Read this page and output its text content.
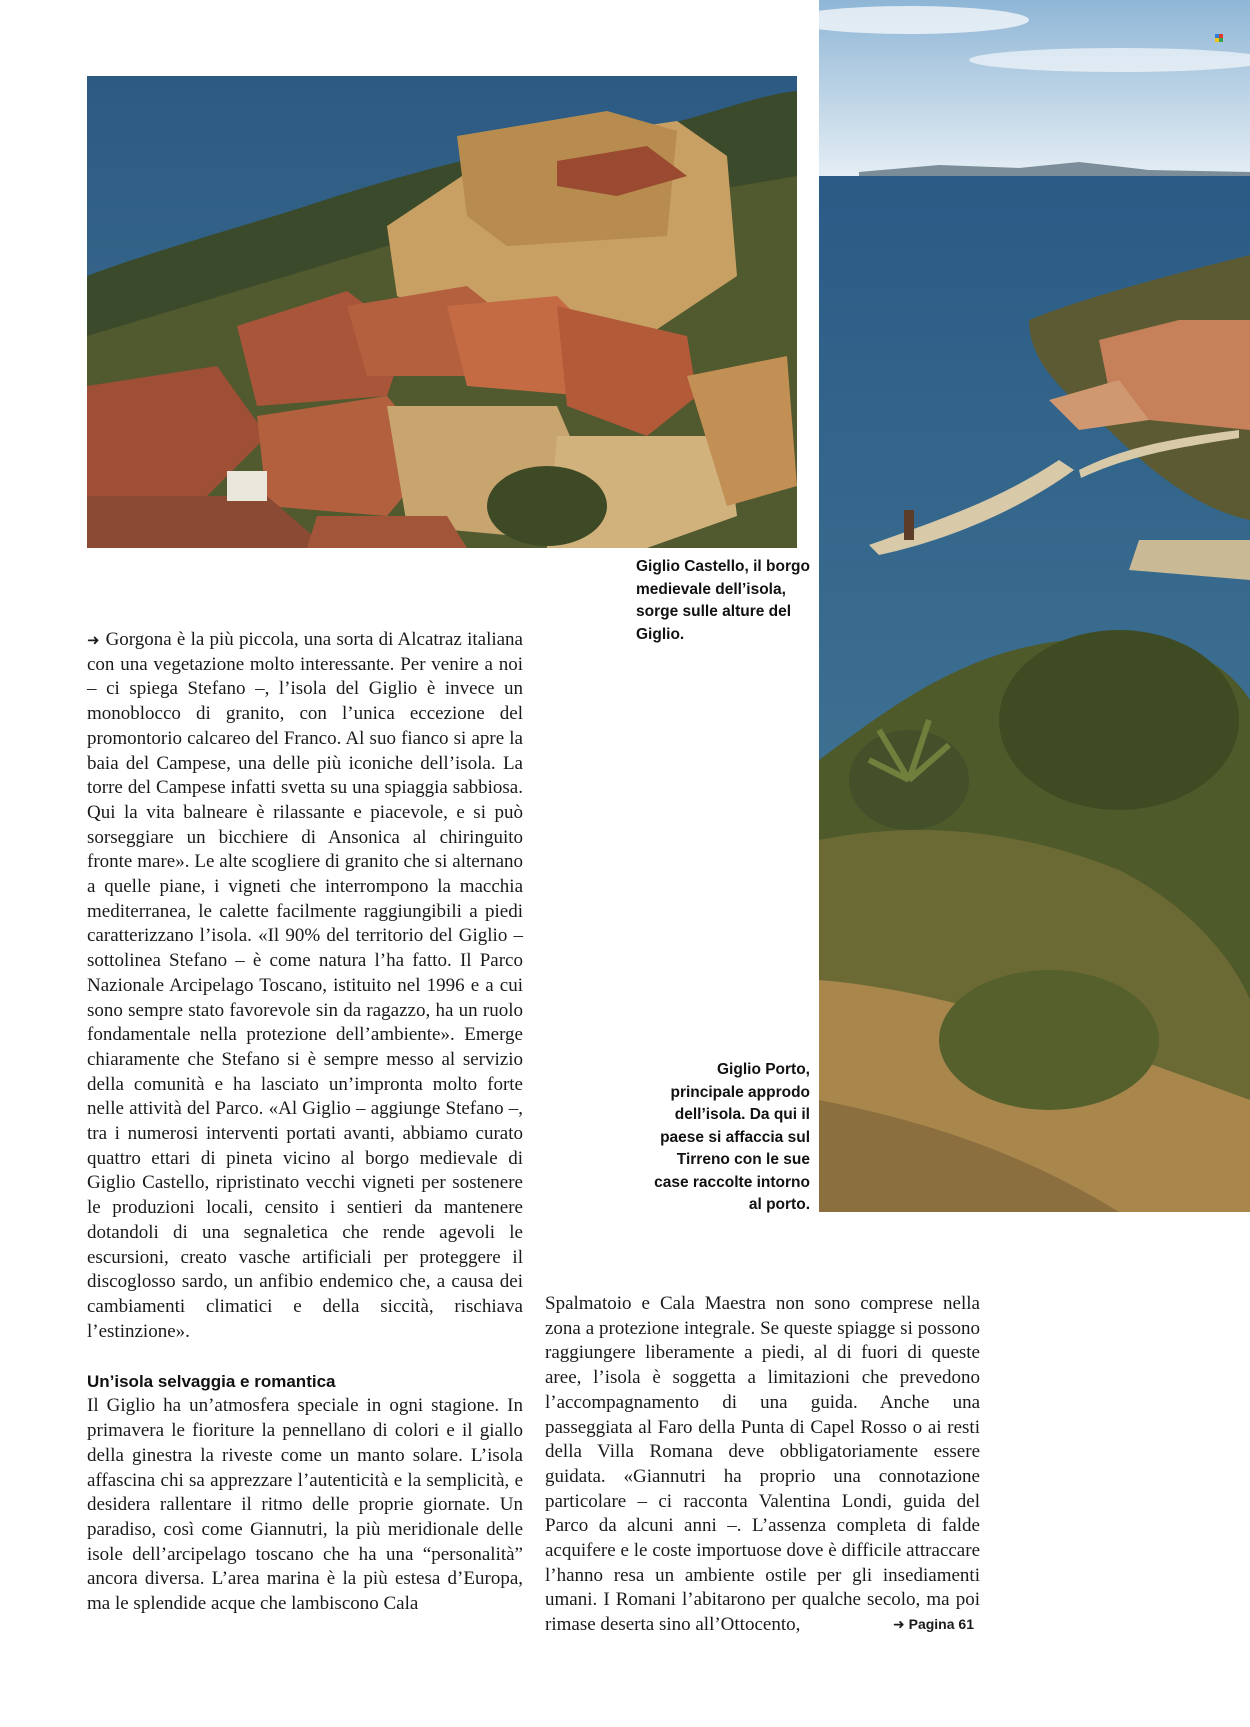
Giglio Castello, il borgo medievale dell’isola, sorge sulle alture del Giglio.
Giglio Porto, principale approdo dell’isola. Da qui il paese si affaccia sul Tirreno con le sue case raccolte intorno al porto.

➜ Gorgona è la più piccola, una sorta di Alcatraz italiana con una vegetazione molto interessante. Per venire a noi – ci spiega Stefano –, l’isola del Giglio è invece un monoblocco di granito, con l’unica eccezione del promontorio calcareo del Franco. Al suo fianco si apre la baia del Campese, una delle più iconiche dell’isola. La torre del Campese infatti svetta su una spiaggia sabbiosa. Qui la vita balneare è rilassante e piacevole, e si può sorseggiare un bicchiere di Ansonica al chiringuito fronte mare». Le alte scogliere di granito che si alternano a quelle piane, i vigneti che interrompono la macchia mediterranea, le calette facilmente raggiungibili a piedi caratterizzano l’isola. «Il 90% del territorio del Giglio – sottolinea Stefano – è come natura l’ha fatto. Il Parco Nazionale Arcipelago Toscano, istituito nel 1996 e a cui sono sempre stato favorevole sin da ragazzo, ha un ruolo fondamentale nella protezione dell’ambiente». Emerge chiaramente che Stefano si è sempre messo al servizio della comunità e ha lasciato un’impronta molto forte nelle attività del Parco. «Al Giglio – aggiunge Stefano –, tra i numerosi interventi portati avanti, abbiamo curato quattro ettari di pineta vicino al borgo medievale di Giglio Castello, ripristinato vecchi vigneti per sostenere le produzioni locali, censito i sentieri da mantenere dotandoli di una segnaletica che rende agevoli le escursioni, creato vasche artificiali per proteggere il discoglosso sardo, un anfibio endemico che, a causa dei cambiamenti climatici e della siccità, rischiava l’estinzione».

Un’isola selvaggia e romantica

Il Giglio ha un’atmosfera speciale in ogni stagione. In primavera le fioriture la pennellano di colori e il giallo della ginestra la riveste come un manto solare. L’isola affascina chi sa apprezzare l’autenticità e la semplicità, e desidera rallentare il ritmo delle proprie giornate. Un paradiso, così come Giannutri, la più meridionale delle isole dell’arcipelago toscano che ha una “personalità” ancora diversa. L’area marina è la più estesa d’Europa, ma le splendide acque che lambiscono Cala

Spalmatoio e Cala Maestra non sono comprese nella zona a protezione integrale. Se queste spiagge si possono raggiungere liberamente a piedi, al di fuori di queste aree, l’isola è soggetta a limitazioni che prevedono l’accompagnamento di una guida. Anche una passeggiata al Faro della Punta di Capel Rosso o ai resti della Villa Romana deve obbligatoriamente essere guidata. «Giannutri ha proprio una connotazione particolare – ci racconta Valentina Londi, guida del Parco da alcuni anni –. L’assenza completa di falde acquifere e le coste importuose dove è difficile attraccare l’hanno resa un ambiente ostile per gli insediamenti umani. I Romani l’abitarono per qualche secolo, ma poi rimase deserta sino all’Ottocento,	➜ Pagina 61
